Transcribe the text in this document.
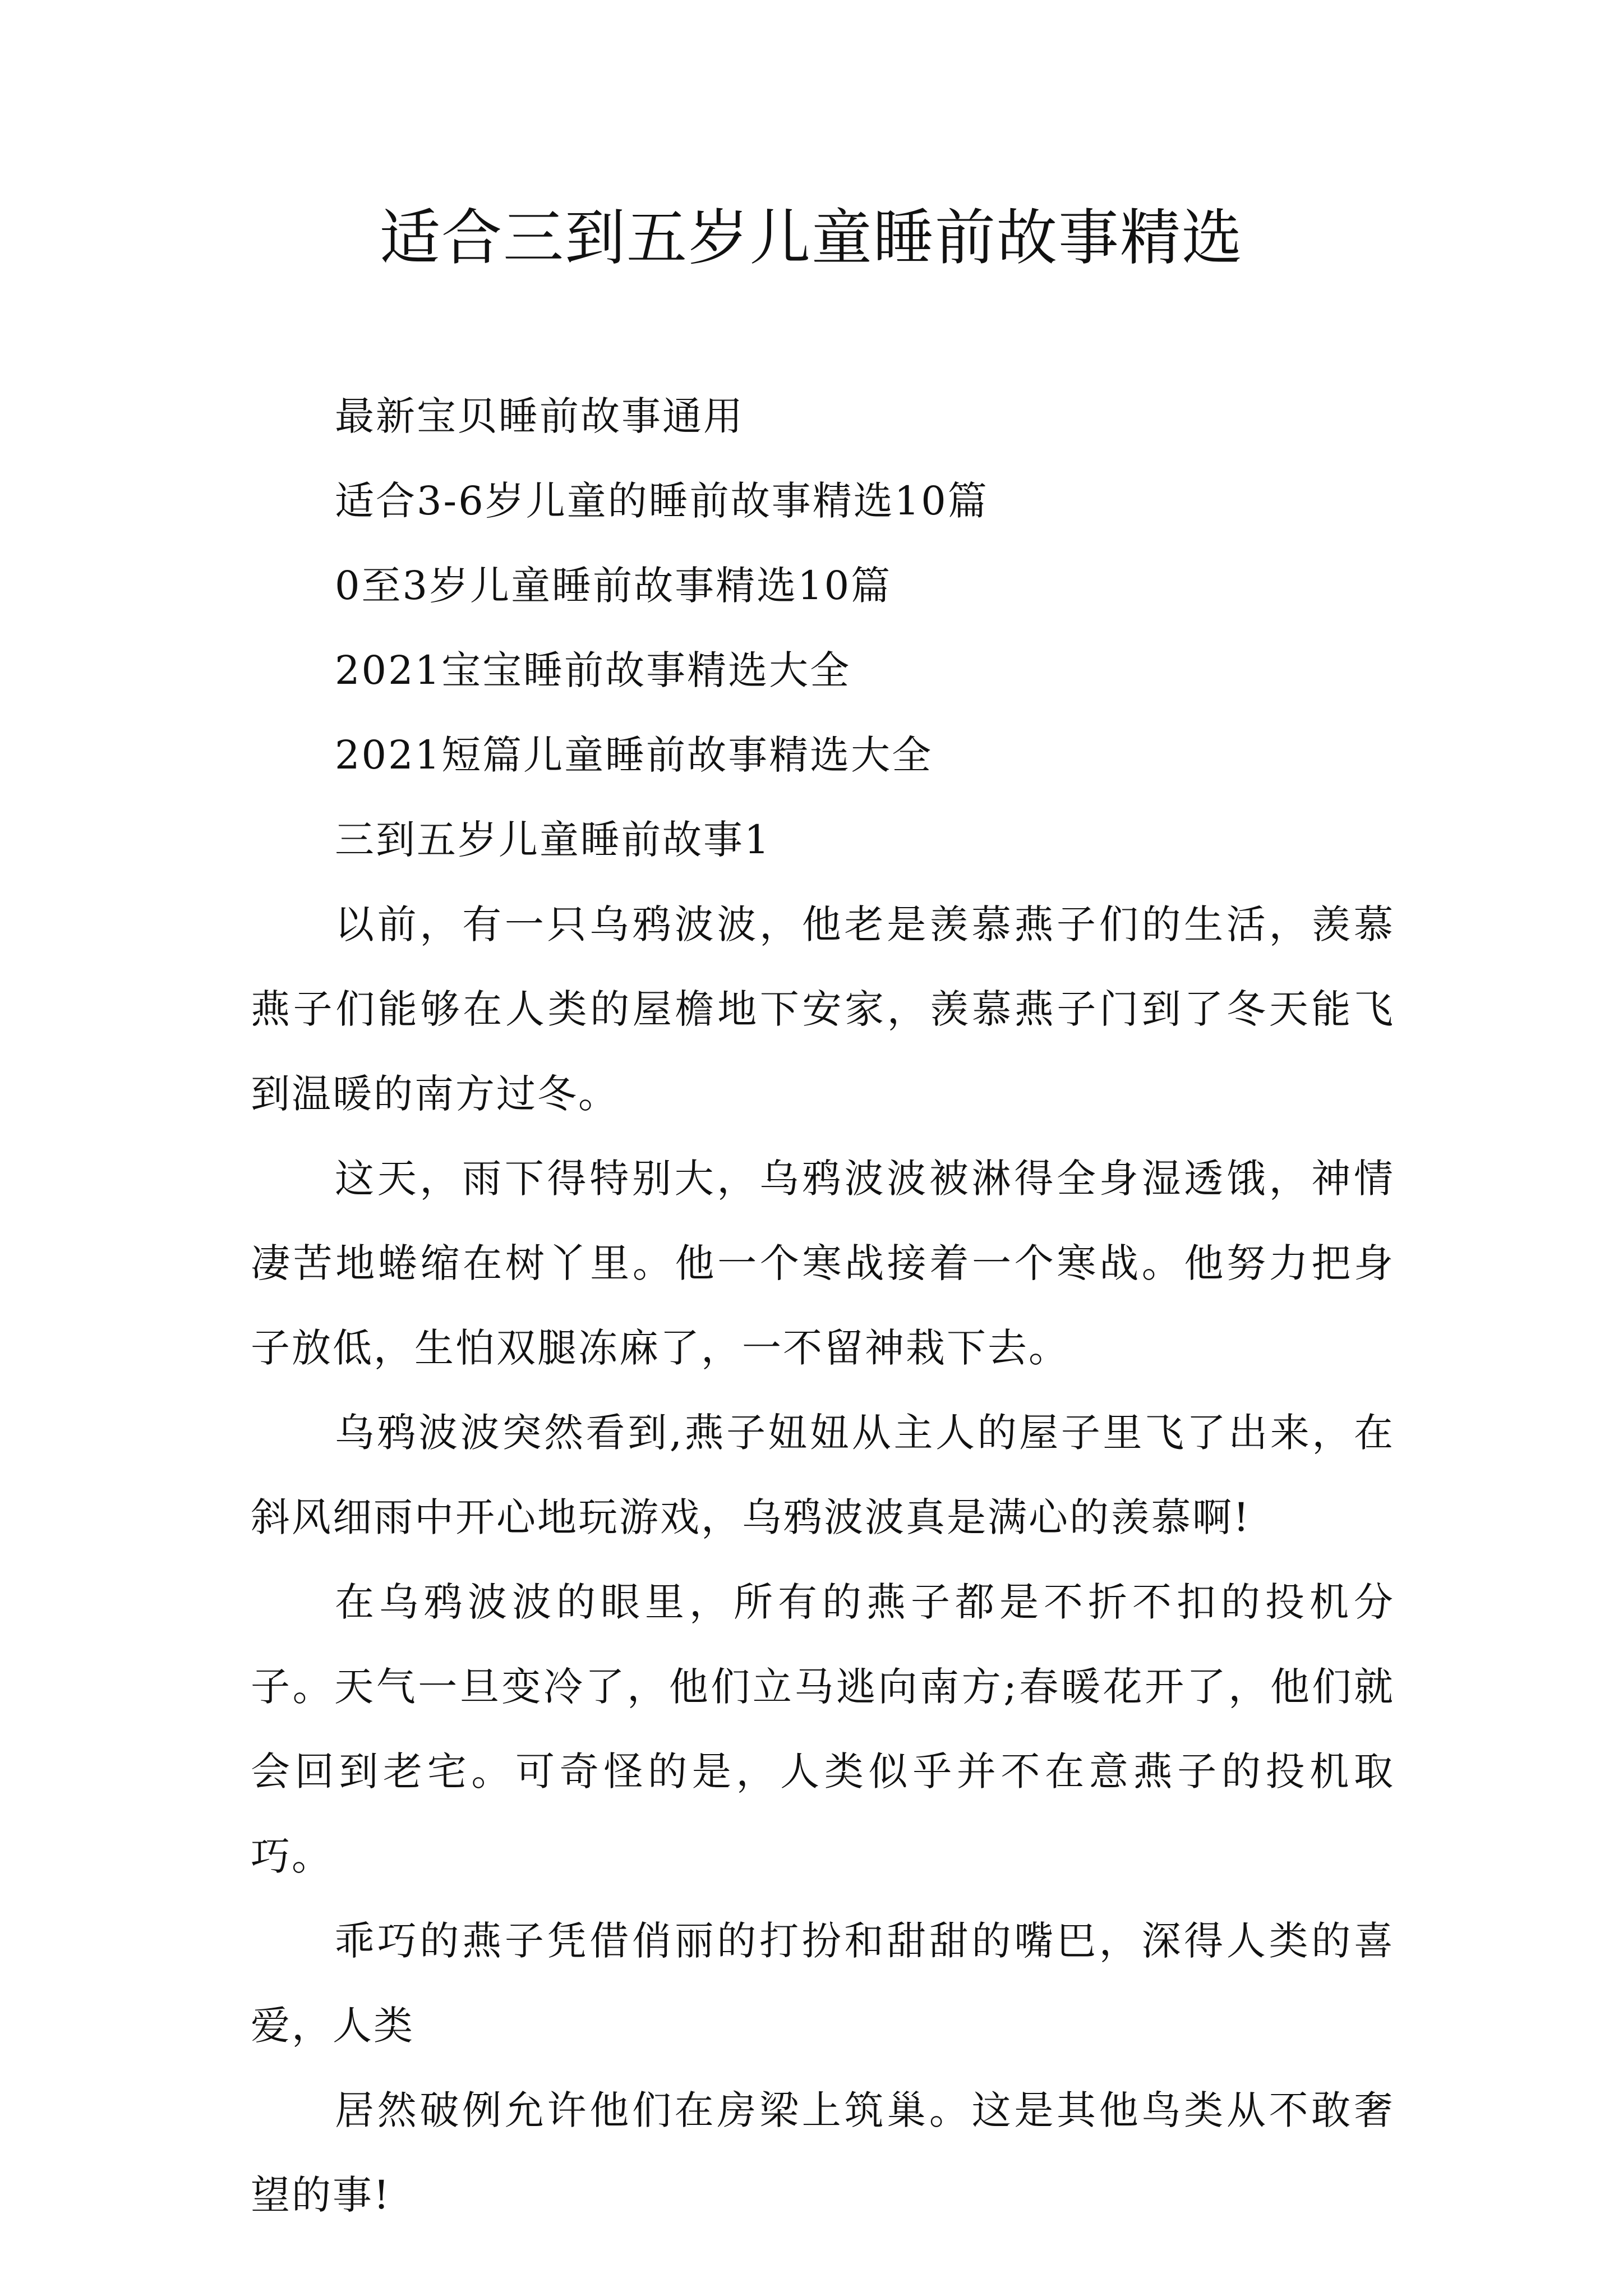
适合三到五岁儿童睡前故事精选

最新宝贝睡前故事通用

适合3-6岁儿童的睡前故事精选10篇

0至3岁儿童睡前故事精选10篇

2021宝宝睡前故事精选大全

2021短篇儿童睡前故事精选大全

三到五岁儿童睡前故事1

以前，有一只乌鸦波波，他老是羡慕燕子们的生活，羡慕燕子们能够在人类的屋檐地下安家，羡慕燕子门到了冬天能飞到温暖的南方过冬。

这天，雨下得特别大，乌鸦波波被淋得全身湿透饿，神情凄苦地蜷缩在树丫里。他一个寒战接着一个寒战。他努力把身子放低，生怕双腿冻麻了，一不留神栽下去。

乌鸦波波突然看到,燕子妞妞从主人的屋子里飞了出来，在斜风细雨中开心地玩游戏，乌鸦波波真是满心的羡慕啊!

在乌鸦波波的眼里，所有的燕子都是不折不扣的投机分子。天气一旦变冷了，他们立马逃向南方;春暖花开了，他们就会回到老宅。可奇怪的是，人类似乎并不在意燕子的投机取巧。

乖巧的燕子凭借俏丽的打扮和甜甜的嘴巴，深得人类的喜爱，人类

居然破例允许他们在房梁上筑巢。这是其他鸟类从不敢奢望的事!
